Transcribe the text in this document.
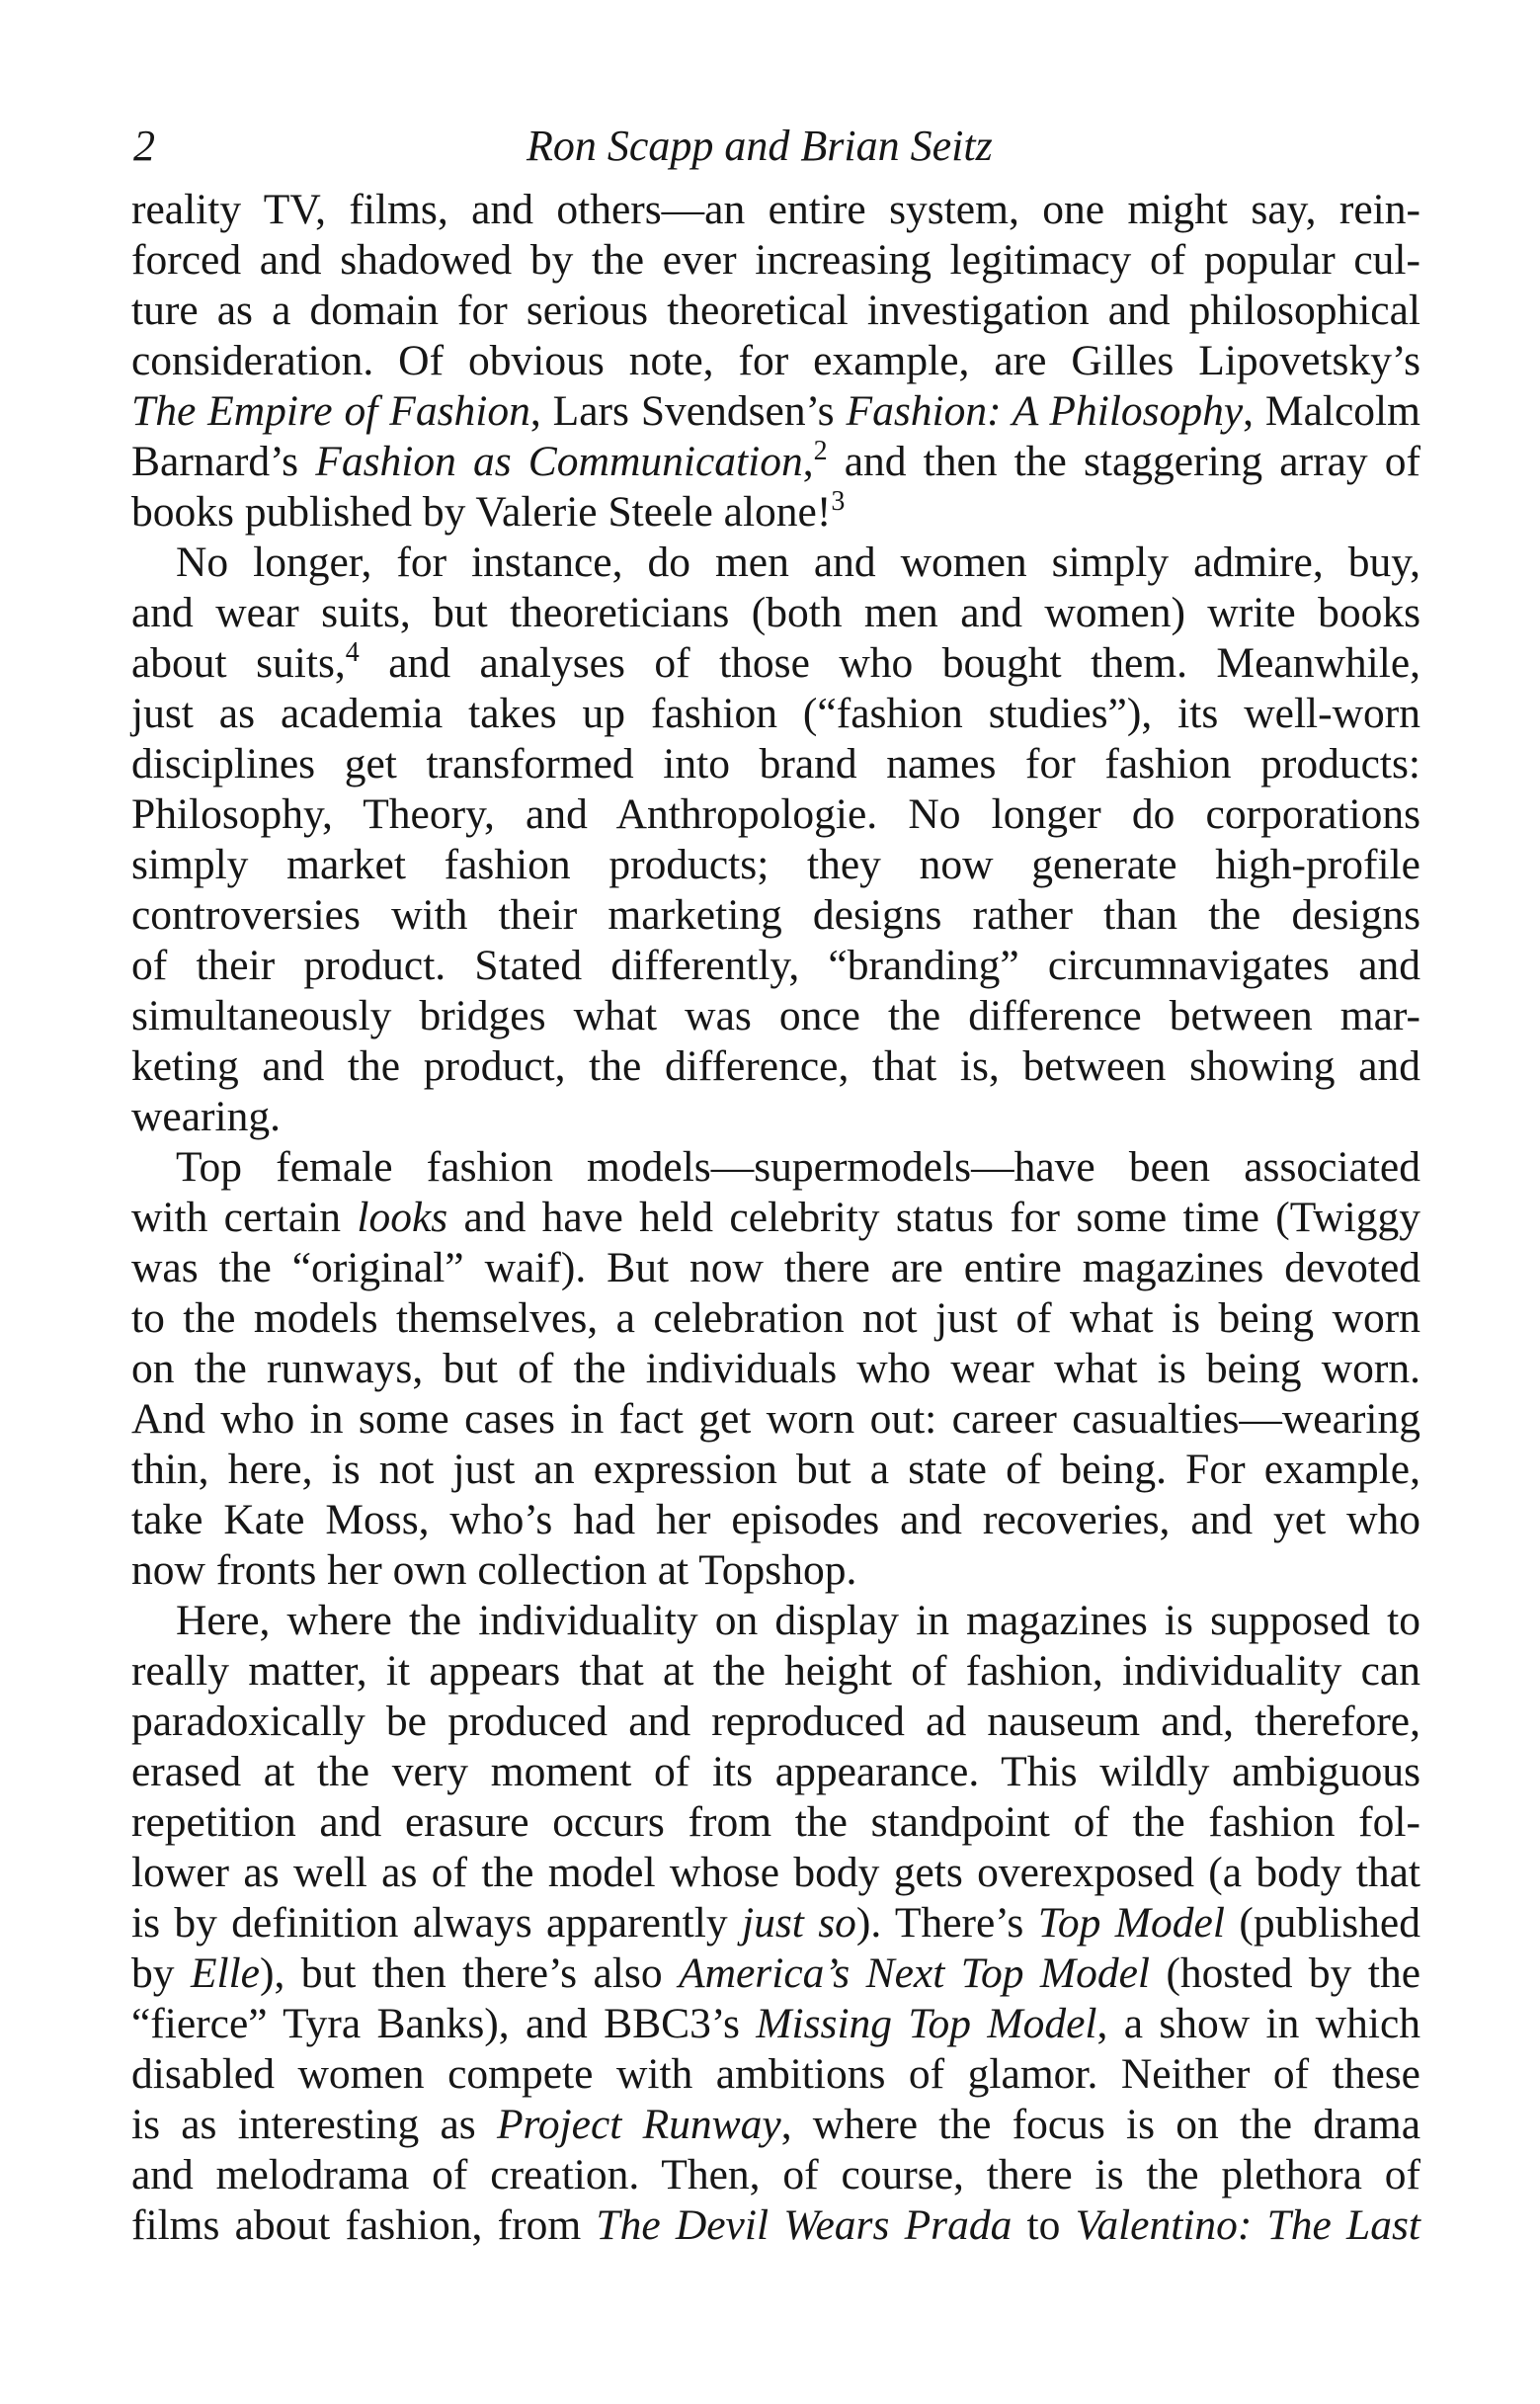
2	Ron Scapp and Brian Seitz
reality TV, films, and others—an entire system, one might say, rein-
forced and shadowed by the ever increasing legitimacy of popular cul-
ture as a domain for serious theoretical investigation and philosophical
consideration. Of obvious note, for example, are Gilles Lipovetsky’s
The Empire of Fashion, Lars Svendsen’s Fashion: A Philosophy, Malcolm
Barnard’s Fashion as Communication,$^2$ and then the staggering array of
books published by Valerie Steele alone!$^3$
No longer, for instance, do men and women simply admire, buy,
and wear suits, but theoreticians (both men and women) write books
about suits,$^4$ and analyses of those who bought them. Meanwhile,
just as academia takes up fashion (“fashion studies”), its well-worn
disciplines get transformed into brand names for fashion products:
Philosophy, Theory, and Anthropologie. No longer do corporations
simply market fashion products; they now generate high-profile
controversies with their marketing designs rather than the designs
of their product. Stated differently, “branding” circumnavigates and
simultaneously bridges what was once the difference between mar-
keting and the product, the difference, that is, between showing and
wearing.
Top female fashion models—supermodels—have been associated
with certain looks and have held celebrity status for some time (Twiggy
was the “original” waif). But now there are entire magazines devoted
to the models themselves, a celebration not just of what is being worn
on the runways, but of the individuals who wear what is being worn.
And who in some cases in fact get worn out: career casualties—wearing
thin, here, is not just an expression but a state of being. For example,
take Kate Moss, who’s had her episodes and recoveries, and yet who
now fronts her own collection at Topshop.
Here, where the individuality on display in magazines is supposed to
really matter, it appears that at the height of fashion, individuality can
paradoxically be produced and reproduced ad nauseum and, therefore,
erased at the very moment of its appearance. This wildly ambiguous
repetition and erasure occurs from the standpoint of the fashion fol-
lower as well as of the model whose body gets overexposed (a body that
is by definition always apparently just so). There’s Top Model (published
by Elle), but then there’s also America’s Next Top Model (hosted by the
“fierce” Tyra Banks), and BBC3’s Missing Top Model, a show in which
disabled women compete with ambitions of glamor. Neither of these
is as interesting as Project Runway, where the focus is on the drama
and melodrama of creation. Then, of course, there is the plethora of
films about fashion, from The Devil Wears Prada to Valentino: The Last
